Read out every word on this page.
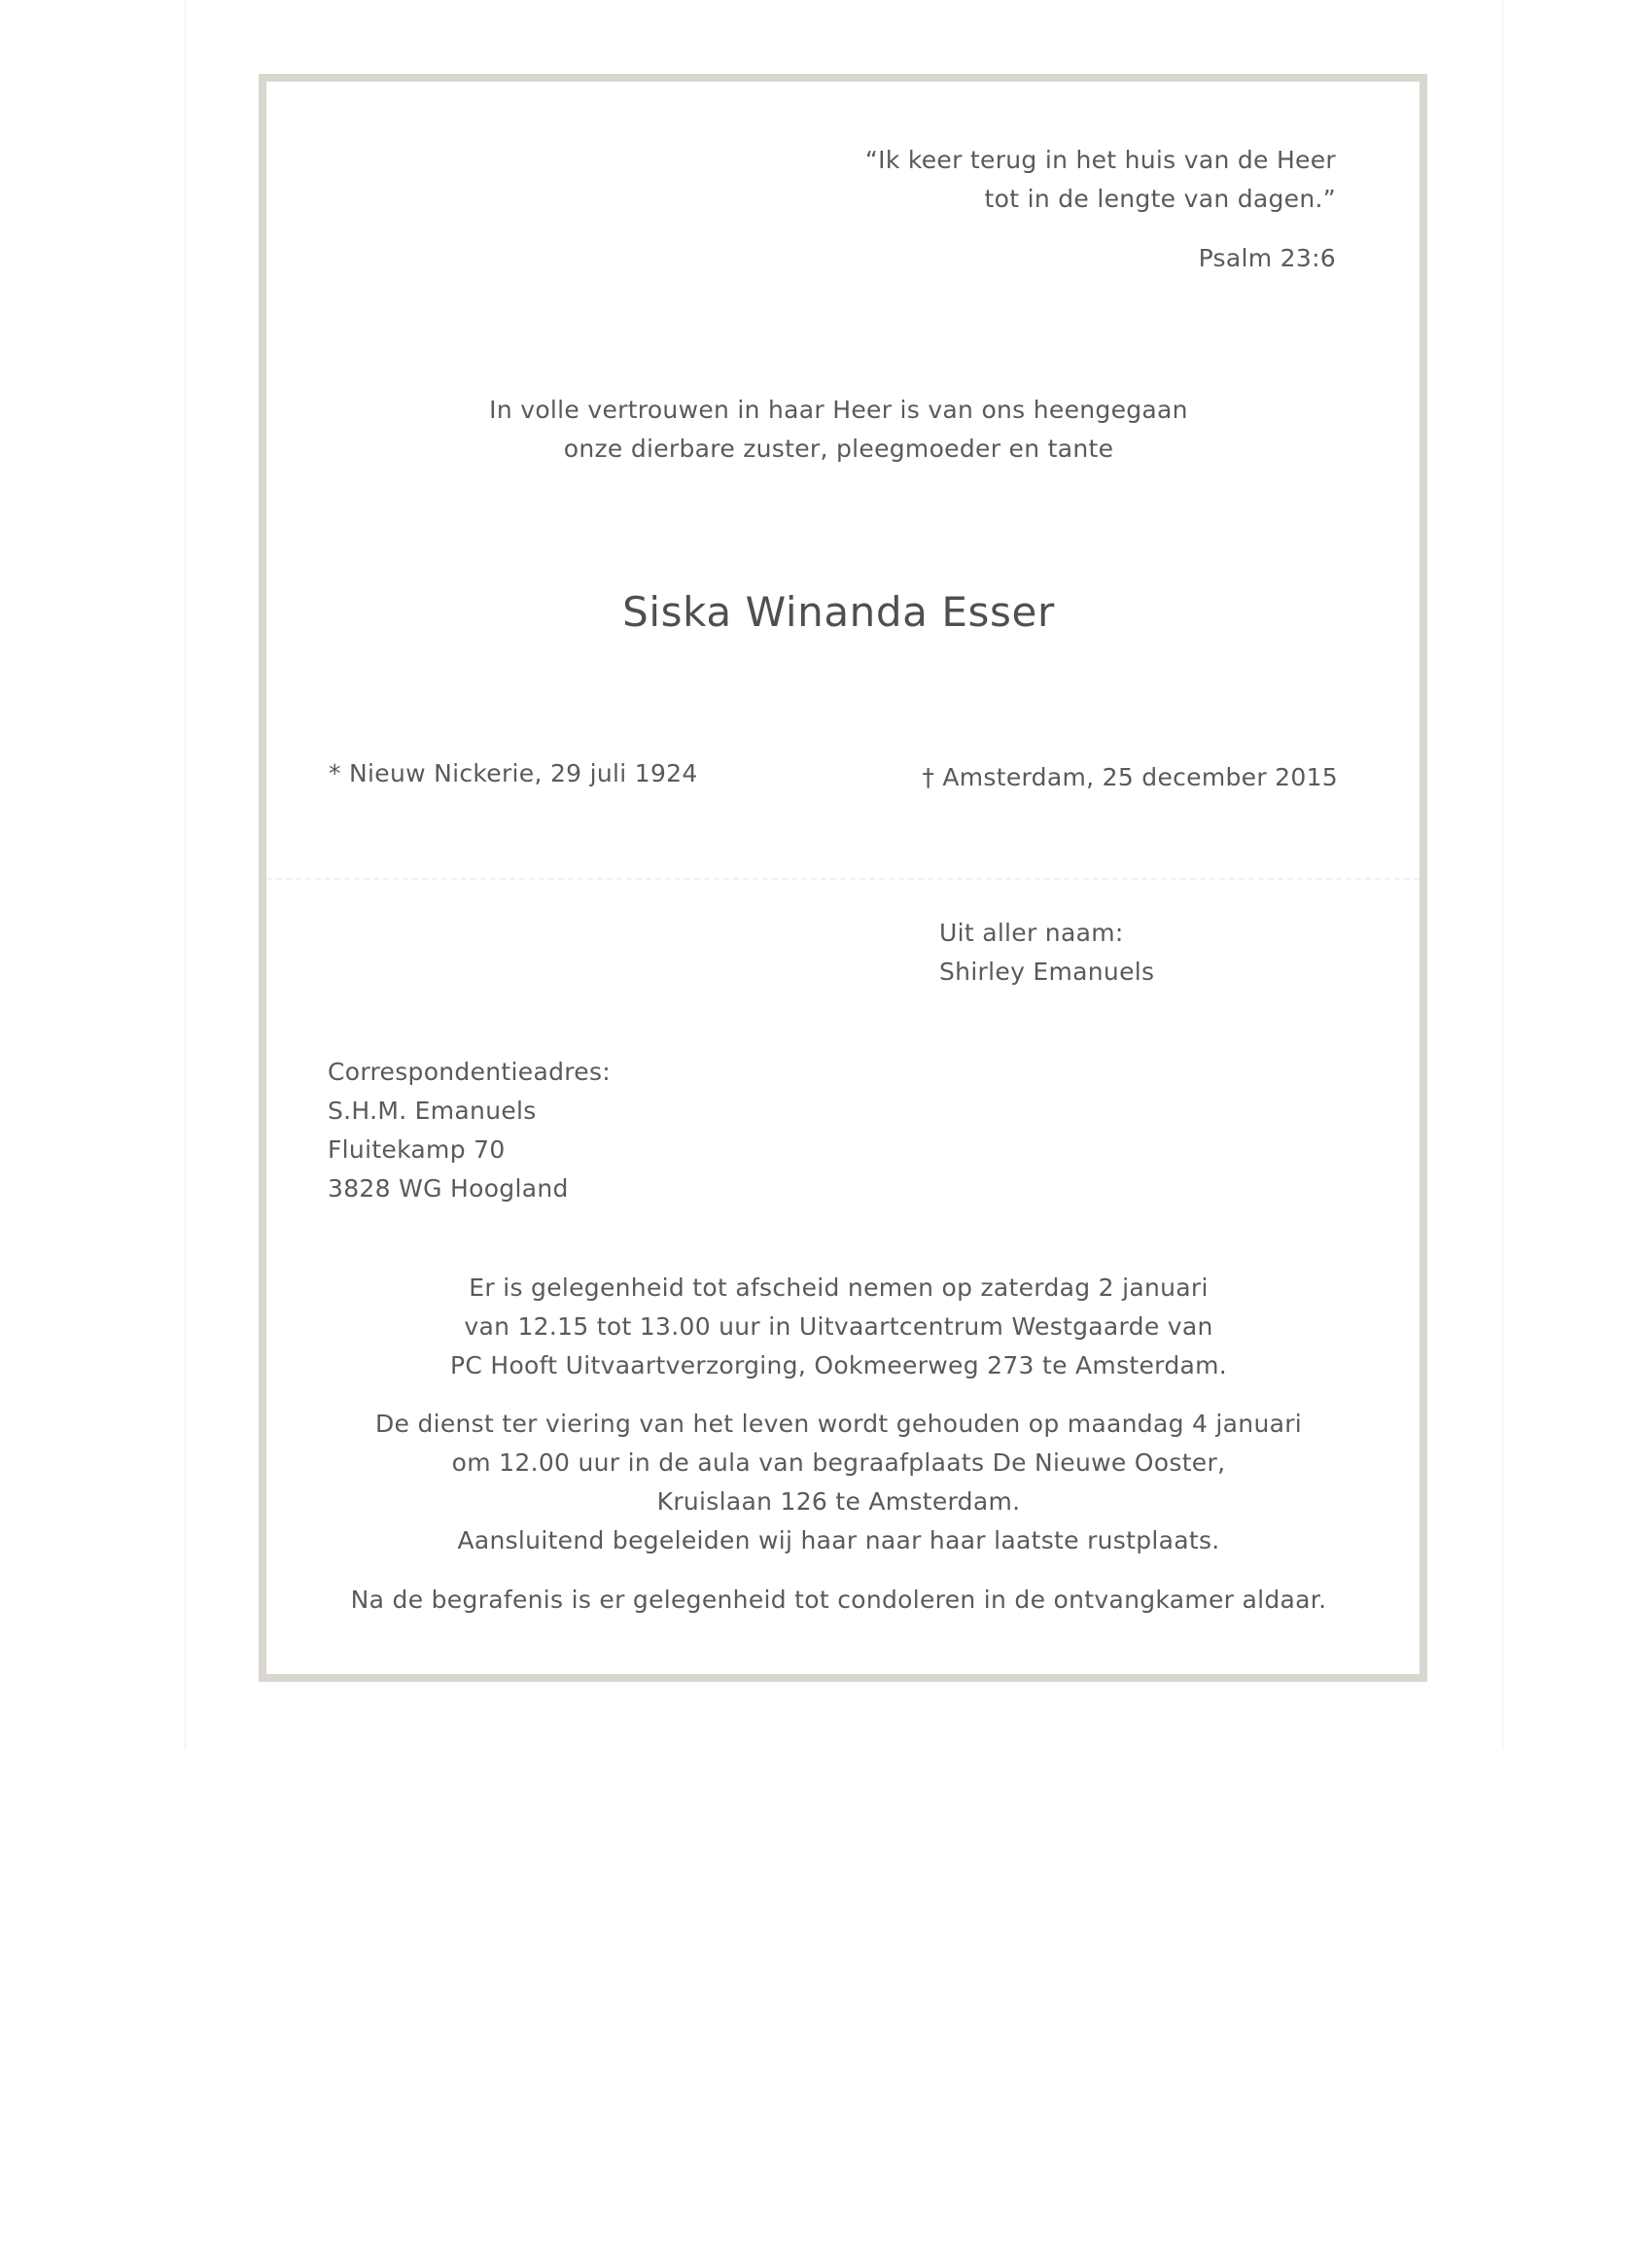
“Ik keer terug in het huis van de Heer
tot in de lengte van dagen.”
Psalm 23:6
In volle vertrouwen in haar Heer is van ons heengegaan
onze dierbare zuster, pleegmoeder en tante
Siska Winanda Esser
* Nieuw Nickerie, 29 juli 1924	† Amsterdam, 25 december 2015
Uit aller naam:
Shirley Emanuels
Correspondentieadres:
S.H.M. Emanuels
Fluitekamp 70
3828 WG Hoogland
Er is gelegenheid tot afscheid nemen op zaterdag 2 januari
van 12.15 tot 13.00 uur in Uitvaartcentrum Westgaarde van
PC Hooft Uitvaartverzorging, Ookmeerweg 273 te Amsterdam.
De dienst ter viering van het leven wordt gehouden op maandag 4 januari
om 12.00 uur in de aula van begraafplaats De Nieuwe Ooster,
Kruislaan 126 te Amsterdam.
Aansluitend begeleiden wij haar naar haar laatste rustplaats.
Na de begrafenis is er gelegenheid tot condoleren in de ontvangkamer aldaar.
